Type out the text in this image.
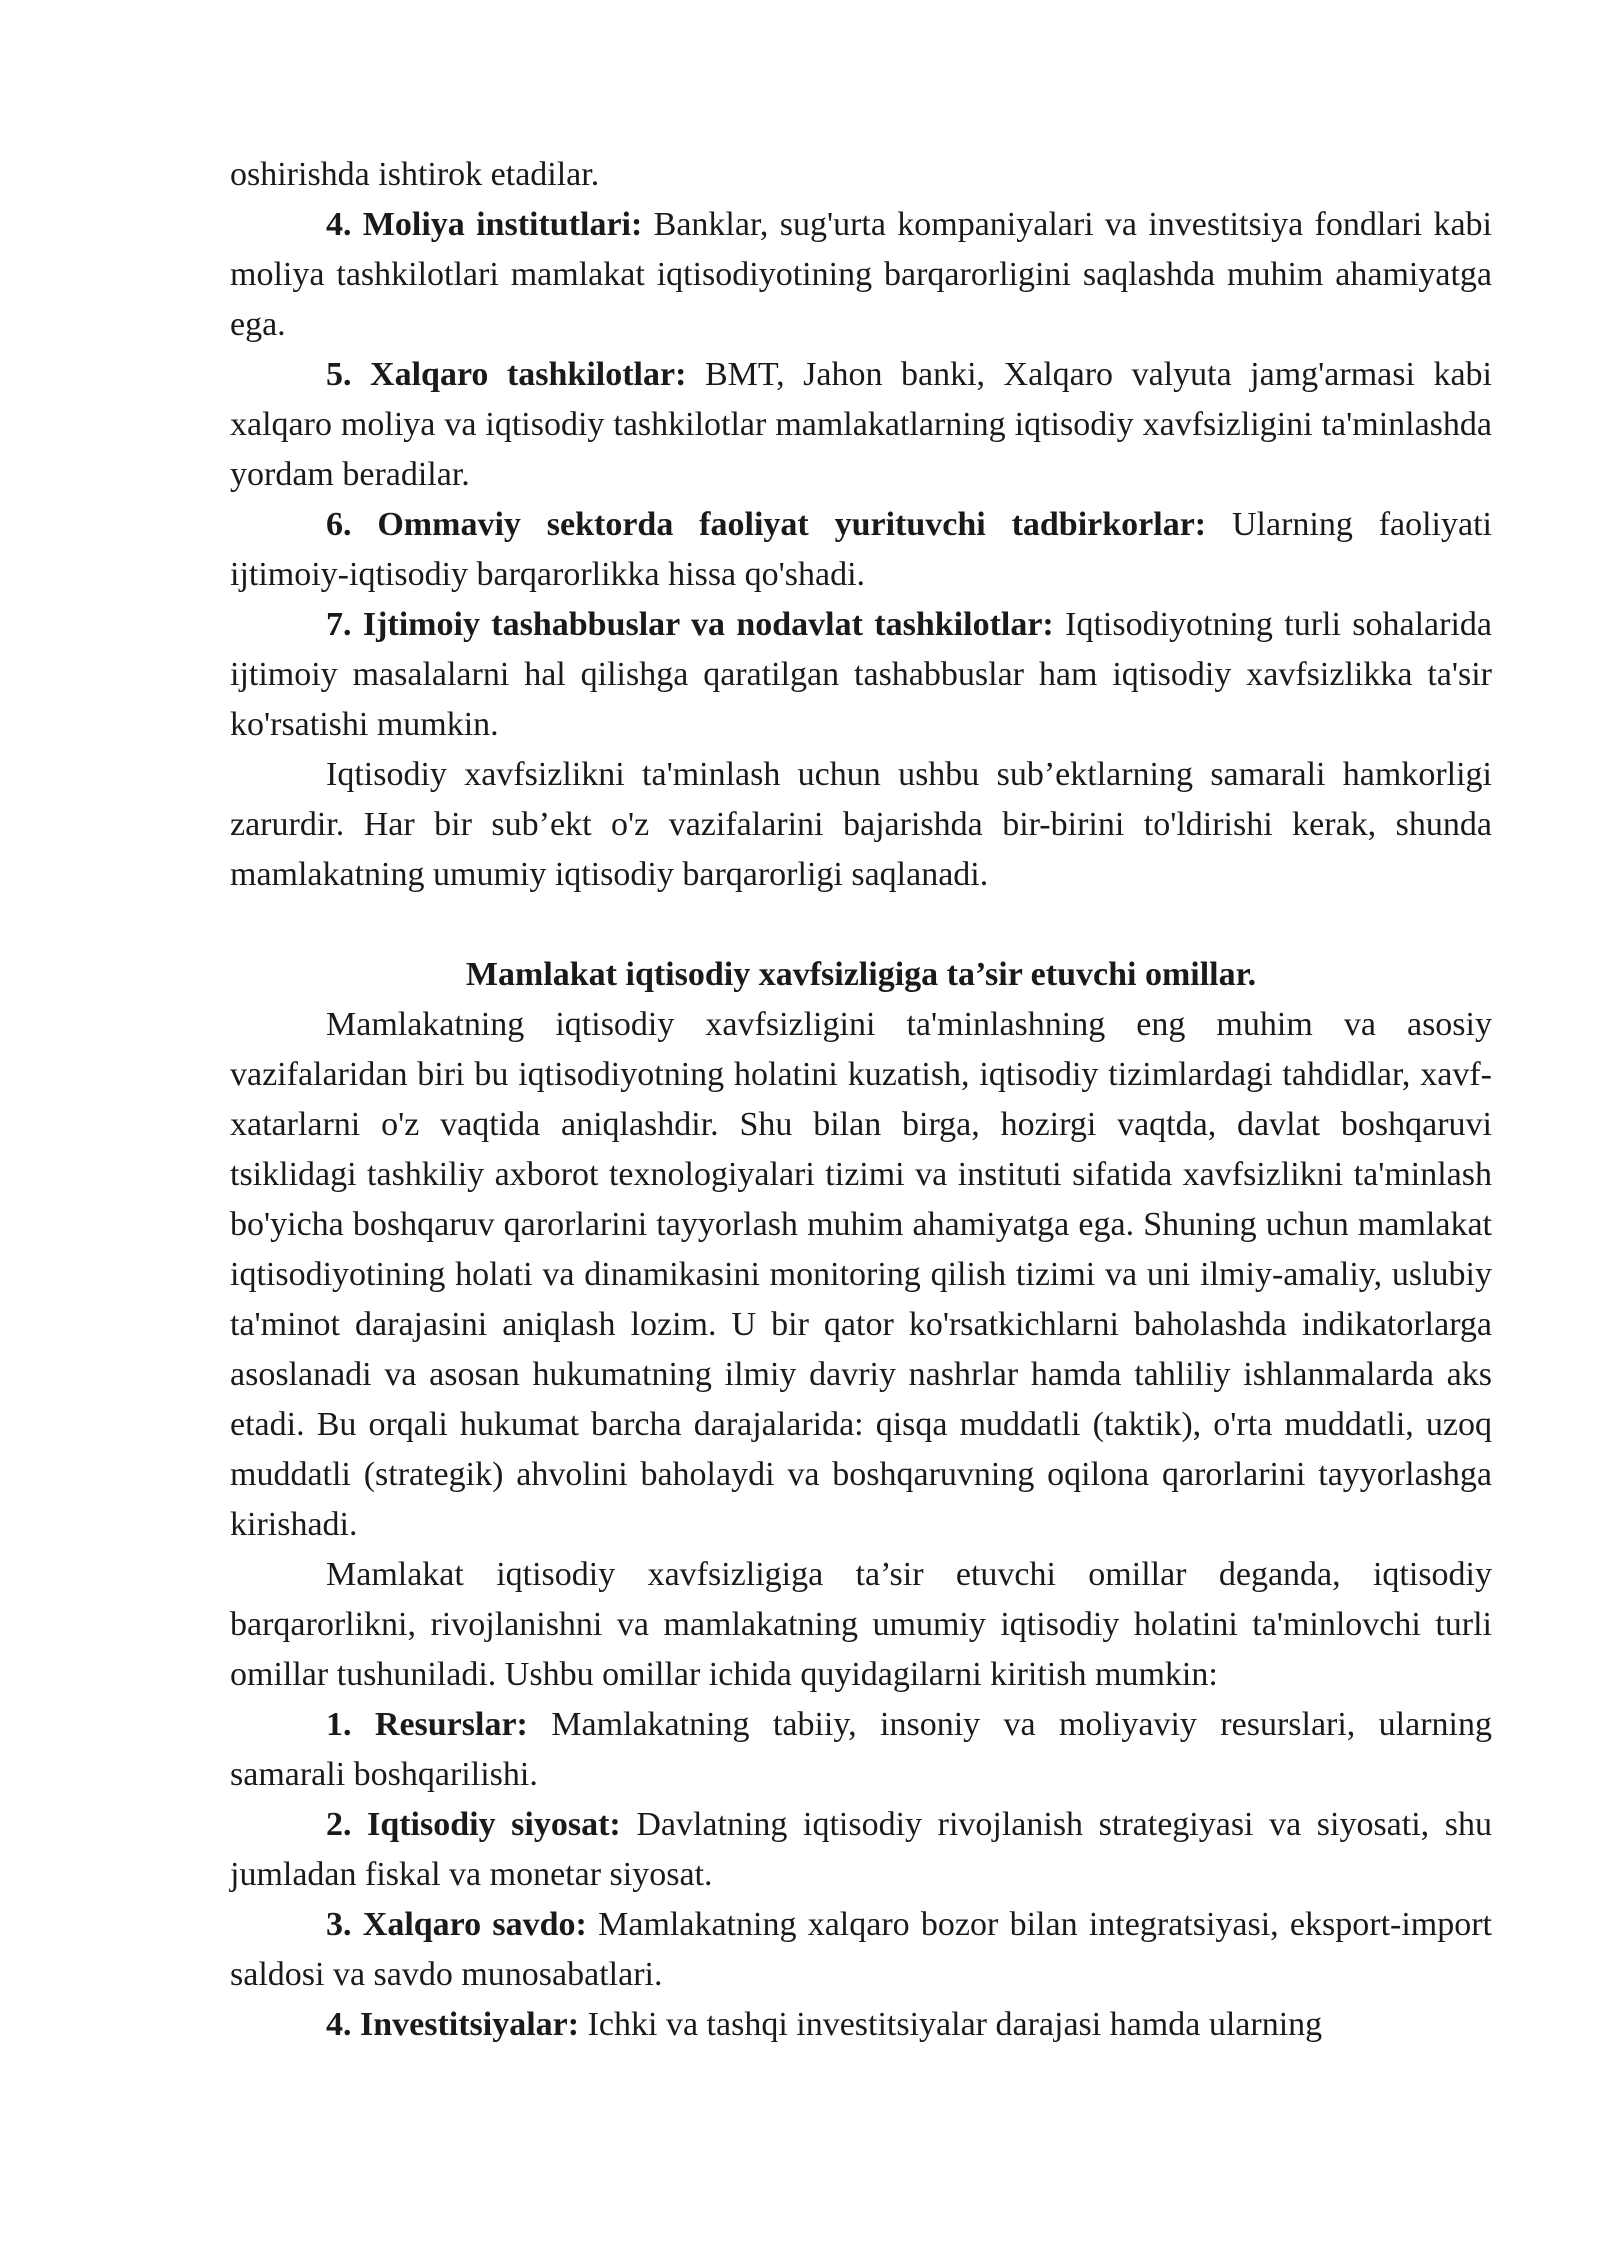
oshirishda ishtirok etadilar.

4. Moliya institutlari: Banklar, sug'urta kompaniyalari va investitsiya fondlari kabi moliya tashkilotlari mamlakat iqtisodiyotining barqarorligini saqlashda muhim ahamiyatga ega.

5. Xalqaro tashkilotlar: BMT, Jahon banki, Xalqaro valyuta jamg'armasi kabi xalqaro moliya va iqtisodiy tashkilotlar mamlakatlarning iqtisodiy xavfsizligini ta'minlashda yordam beradilar.

6. Ommaviy sektorda faoliyat yurituvchi tadbirkorlar: Ularning faoliyati ijtimoiy-iqtisodiy barqarorlikka hissa qo'shadi.

7. Ijtimoiy tashabbuslar va nodavlat tashkilotlar: Iqtisodiyotning turli sohalarida ijtimoiy masalalarni hal qilishga qaratilgan tashabbuslar ham iqtisodiy xavfsizlikka ta'sir ko'rsatishi mumkin.

Iqtisodiy xavfsizlikni ta'minlash uchun ushbu sub’ektlarning samarali hamkorligi zarurdir. Har bir sub’ekt o'z vazifalarini bajarishda bir-birini to'ldirishi kerak, shunda mamlakatning umumiy iqtisodiy barqarorligi saqlanadi.

Mamlakat iqtisodiy xavfsizligiga ta’sir etuvchi omillar.

Mamlakatning iqtisodiy xavfsizligini ta'minlashning eng muhim va asosiy vazifalaridan biri bu iqtisodiyotning holatini kuzatish, iqtisodiy tizimlardagi tahdidlar, xavf-xatarlarni o'z vaqtida aniqlashdir. Shu bilan birga, hozirgi vaqtda, davlat boshqaruvi tsiklidagi tashkiliy axborot texnologiyalari tizimi va instituti sifatida xavfsizlikni ta'minlash bo'yicha boshqaruv qarorlarini tayyorlash muhim ahamiyatga ega. Shuning uchun mamlakat iqtisodiyotining holati va dinamikasini monitoring qilish tizimi va uni ilmiy-amaliy, uslubiy ta'minot darajasini aniqlash lozim. U bir qator ko'rsatkichlarni baholashda indikatorlarga asoslanadi va asosan hukumatning ilmiy davriy nashrlar hamda tahliliy ishlanmalarda aks etadi. Bu orqali hukumat barcha darajalarida: qisqa muddatli (taktik), o'rta muddatli, uzoq muddatli (strategik) ahvolini baholaydi va boshqaruvning oqilona qarorlarini tayyorlashga kirishadi.

Mamlakat iqtisodiy xavfsizligiga ta’sir etuvchi omillar deganda, iqtisodiy barqarorlikni, rivojlanishni va mamlakatning umumiy iqtisodiy holatini ta'minlovchi turli omillar tushuniladi. Ushbu omillar ichida quyidagilarni kiritish mumkin:

1. Resurslar: Mamlakatning tabiiy, insoniy va moliyaviy resurslari, ularning samarali boshqarilishi.

2. Iqtisodiy siyosat: Davlatning iqtisodiy rivojlanish strategiyasi va siyosati, shu jumladan fiskal va monetar siyosat.

3. Xalqaro savdo: Mamlakatning xalqaro bozor bilan integratsiyasi, eksport-import saldosi va savdo munosabatlari.

4. Investitsiyalar: Ichki va tashqi investitsiyalar darajasi hamda ularning
